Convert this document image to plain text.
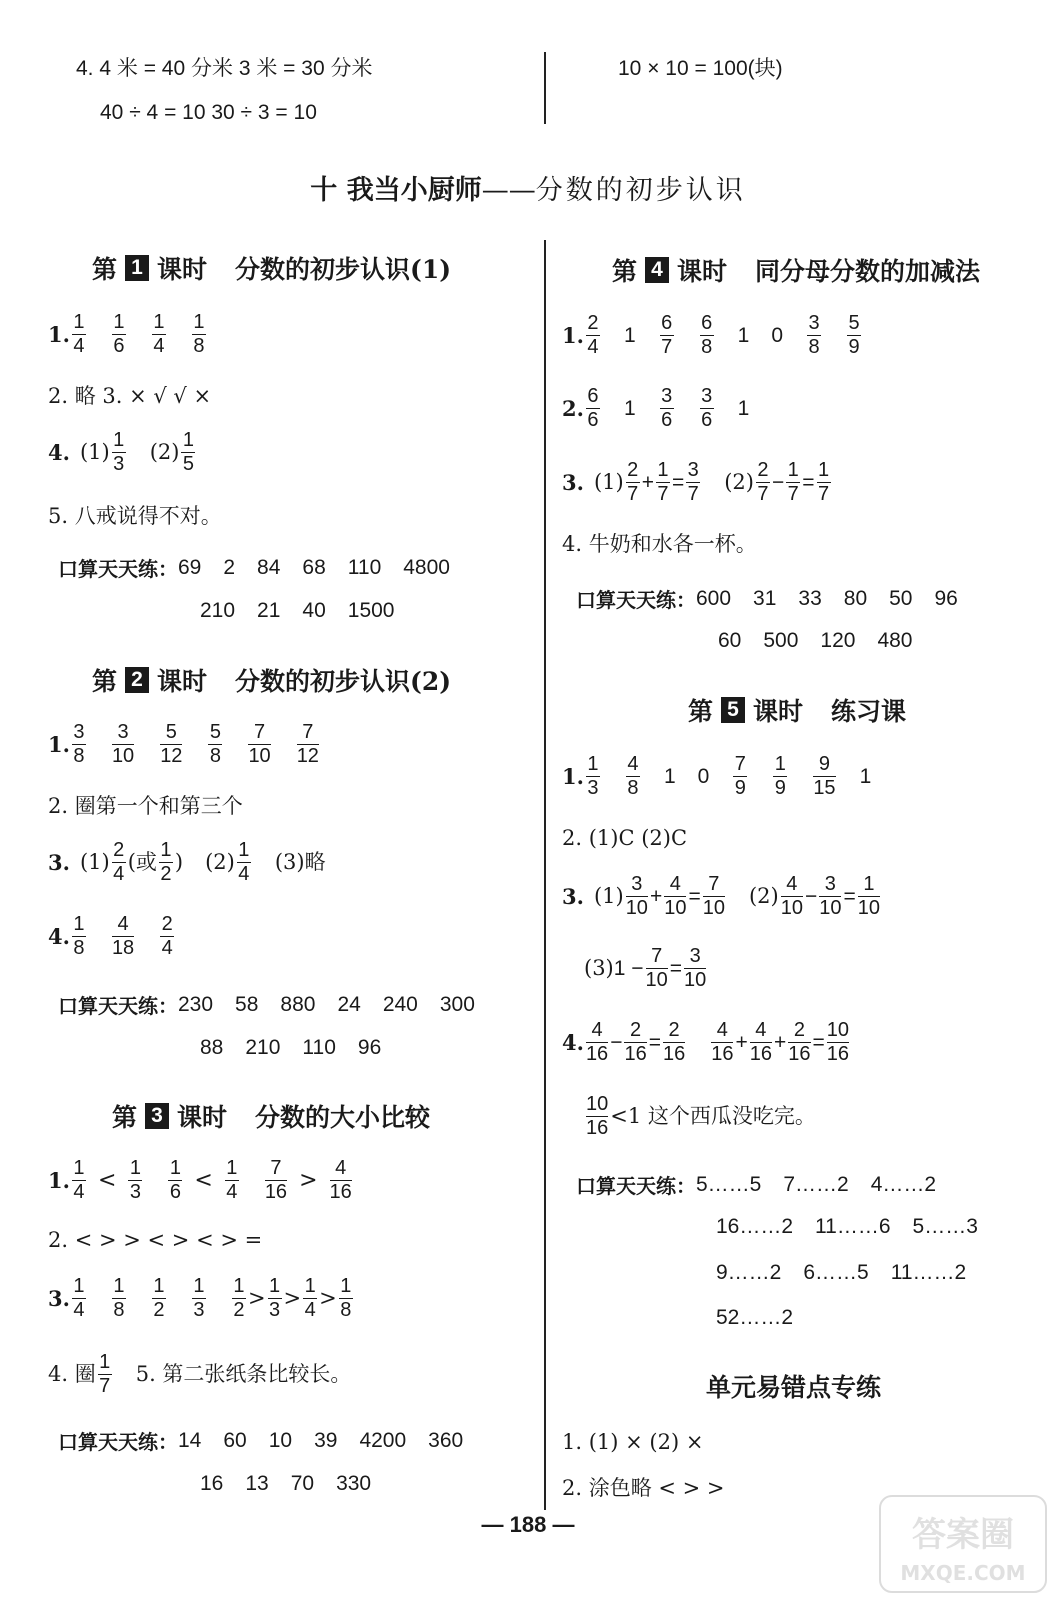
4. 4 米 = 40 分米 3 米 = 30 分米
40 ÷ 4 = 10 30 ÷ 3 = 10
10 × 10 = 100(块)
十 我当小厨师——分数的初步认识
第 1 课时 分数的初步认识(1)
1. $\frac{1}{4} \frac{1}{6} \frac{1}{4} \frac{1}{8}$
2. 略 3. × √ √ ×
4. $(1) \frac{1}{3} (2) \frac{1}{5}$
5. 八戒说得不对。
口算天天练： 69 2 84 68 110 4800
210 21 40 1500
第 2 课时 分数的初步认识(2)
1. $\frac{3}{8} \frac{3}{10} \frac{5}{12} \frac{5}{8} \frac{7}{10} \frac{7}{12}$
2. 圈第一个和第三个
3. $(1) \frac{2}{4}$ (或 $\frac{1}{2}$ ) $(2) \frac{1}{4} (3)$略
4. $\frac{1}{8} \frac{4}{18} \frac{2}{4}$
口算天天练： 230 58 880 24 240 300
88 210 110 96
第 3 课时 分数的大小比较
1. $\frac{1}{4} < \frac{1}{3} \frac{1}{6} < \frac{1}{4} \frac{7}{16} > \frac{4}{16}$
2. < > > < > < > =
3. $\frac{1}{4} \frac{1}{8} \frac{1}{2} \frac{1}{3} \frac{1}{2} > \frac{1}{3} > \frac{1}{4} > \frac{1}{8}$
4. 圈 $\frac{1}{7} 5$. 第二张纸条比较长。
口算天天练： 14 60 10 39 4200 360
16 13 70 330
第 4 课时 同分母分数的加减法
1. $\frac{2}{4} 1 \frac{6}{7} \frac{6}{8} 1$ $0 \frac{3}{8} \frac{5}{9}$
2. $\frac{6}{6} 1 \frac{3}{6} \frac{3}{6} 1$
3. $(1) \frac{2}{7} + \frac{1}{7} = \frac{3}{7} (2) \frac{2}{7} - \frac{1}{7} = \frac{1}{7}$
4. 牛奶和水各一杯。
口算天天练： 600 31 33 80 50 96
60 500 120 480
第 5 课时 练习课
1. $\frac{1}{3} \frac{4}{8} 1$ $0 \frac{7}{9} \frac{1}{9} \frac{9}{15} 1$
2. (1)C (2)C
3. $(1) \frac{3}{10} + \frac{4}{10} = \frac{7}{10} (2) \frac{4}{10} - \frac{3}{10} = \frac{1}{10}$
(3) $1 - \frac{7}{10} = \frac{3}{10}$
4. $\frac{4}{16} - \frac{2}{16} = \frac{2}{16} \frac{4}{16} + \frac{4}{16} + \frac{2}{16} = \frac{10}{16}$
$\frac{10}{16} <1$ 这个西瓜没吃完。
口算天天练： 5……5 7……2 4……2
16……2 11……6 5……3
9……2 6……5 11……2
52……2
单元易错点专练
1. (1) × (2) ×
2. 涂色略 < > >
— 188 —	答案圈
MXQE.COM
